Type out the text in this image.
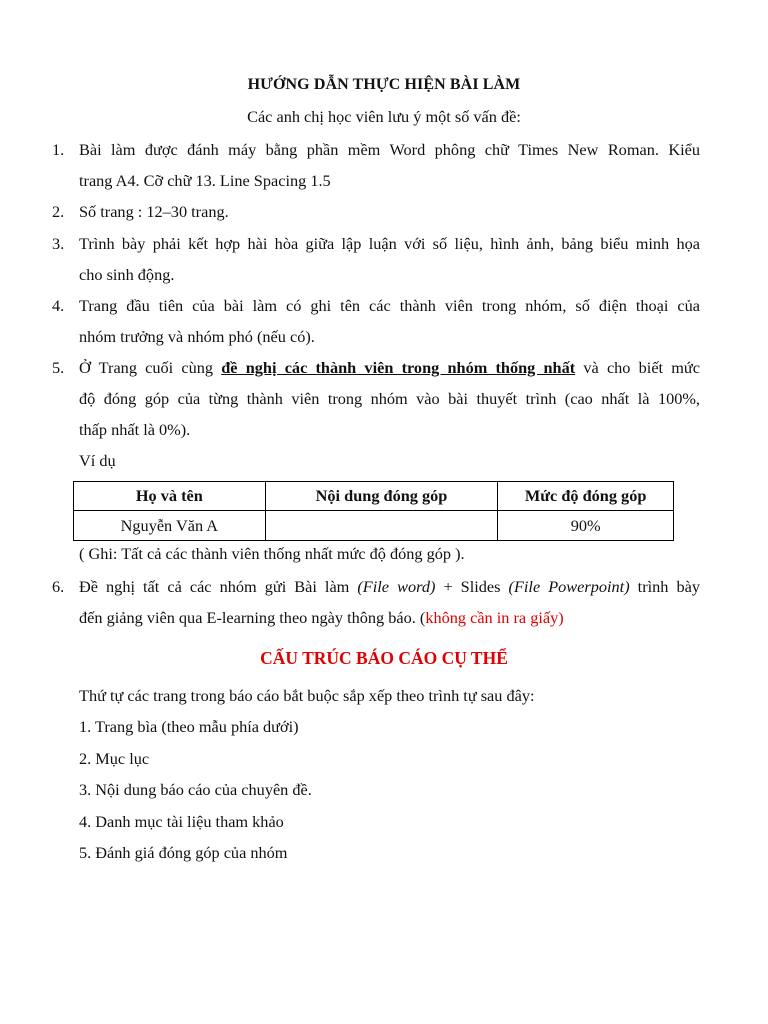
HƯỚNG DẪN THỰC HIỆN BÀI LÀM
Các anh chị học viên lưu ý một số vấn đề:
1. Bài làm được đánh máy bằng phần mềm Word phông chữ Times New Roman. Kiểu
trang A4. Cỡ chữ 13. Line Spacing 1.5
2. Số trang : 12–30 trang.
3. Trình bày phải kết hợp hài hòa giữa lập luận với số liệu, hình ảnh, bảng biểu minh họa
cho sinh động.
4. Trang đầu tiên của bài làm có ghi tên các thành viên trong nhóm, số điện thoại của
nhóm trưởng và nhóm phó (nếu có).
5. Ở Trang cuối cùng đề nghị các thành viên trong nhóm thống nhất và cho biết mức
độ đóng góp của từng thành viên trong nhóm vào bài thuyết trình (cao nhất là 100%,
thấp nhất là 0%).
Ví dụ
Họ và tên	Nội dung đóng góp	Mức độ đóng góp
Nguyễn Văn A		90%
( Ghi: Tất cả các thành viên thống nhất mức độ đóng góp ).
6. Đề nghị tất cả các nhóm gửi Bài làm (File word) + Slides (File Powerpoint) trình bày
đến giảng viên qua E-learning theo ngày thông báo. (không cần in ra giấy)
CẤU TRÚC BÁO CÁO CỤ THỂ
Thứ tự các trang trong báo cáo bắt buộc sắp xếp theo trình tự sau đây:
1. Trang bìa (theo mẫu phía dưới)
2. Mục lục
3. Nội dung báo cáo của chuyên đề.
4. Danh mục tài liệu tham khảo
5. Đánh giá đóng góp của nhóm
